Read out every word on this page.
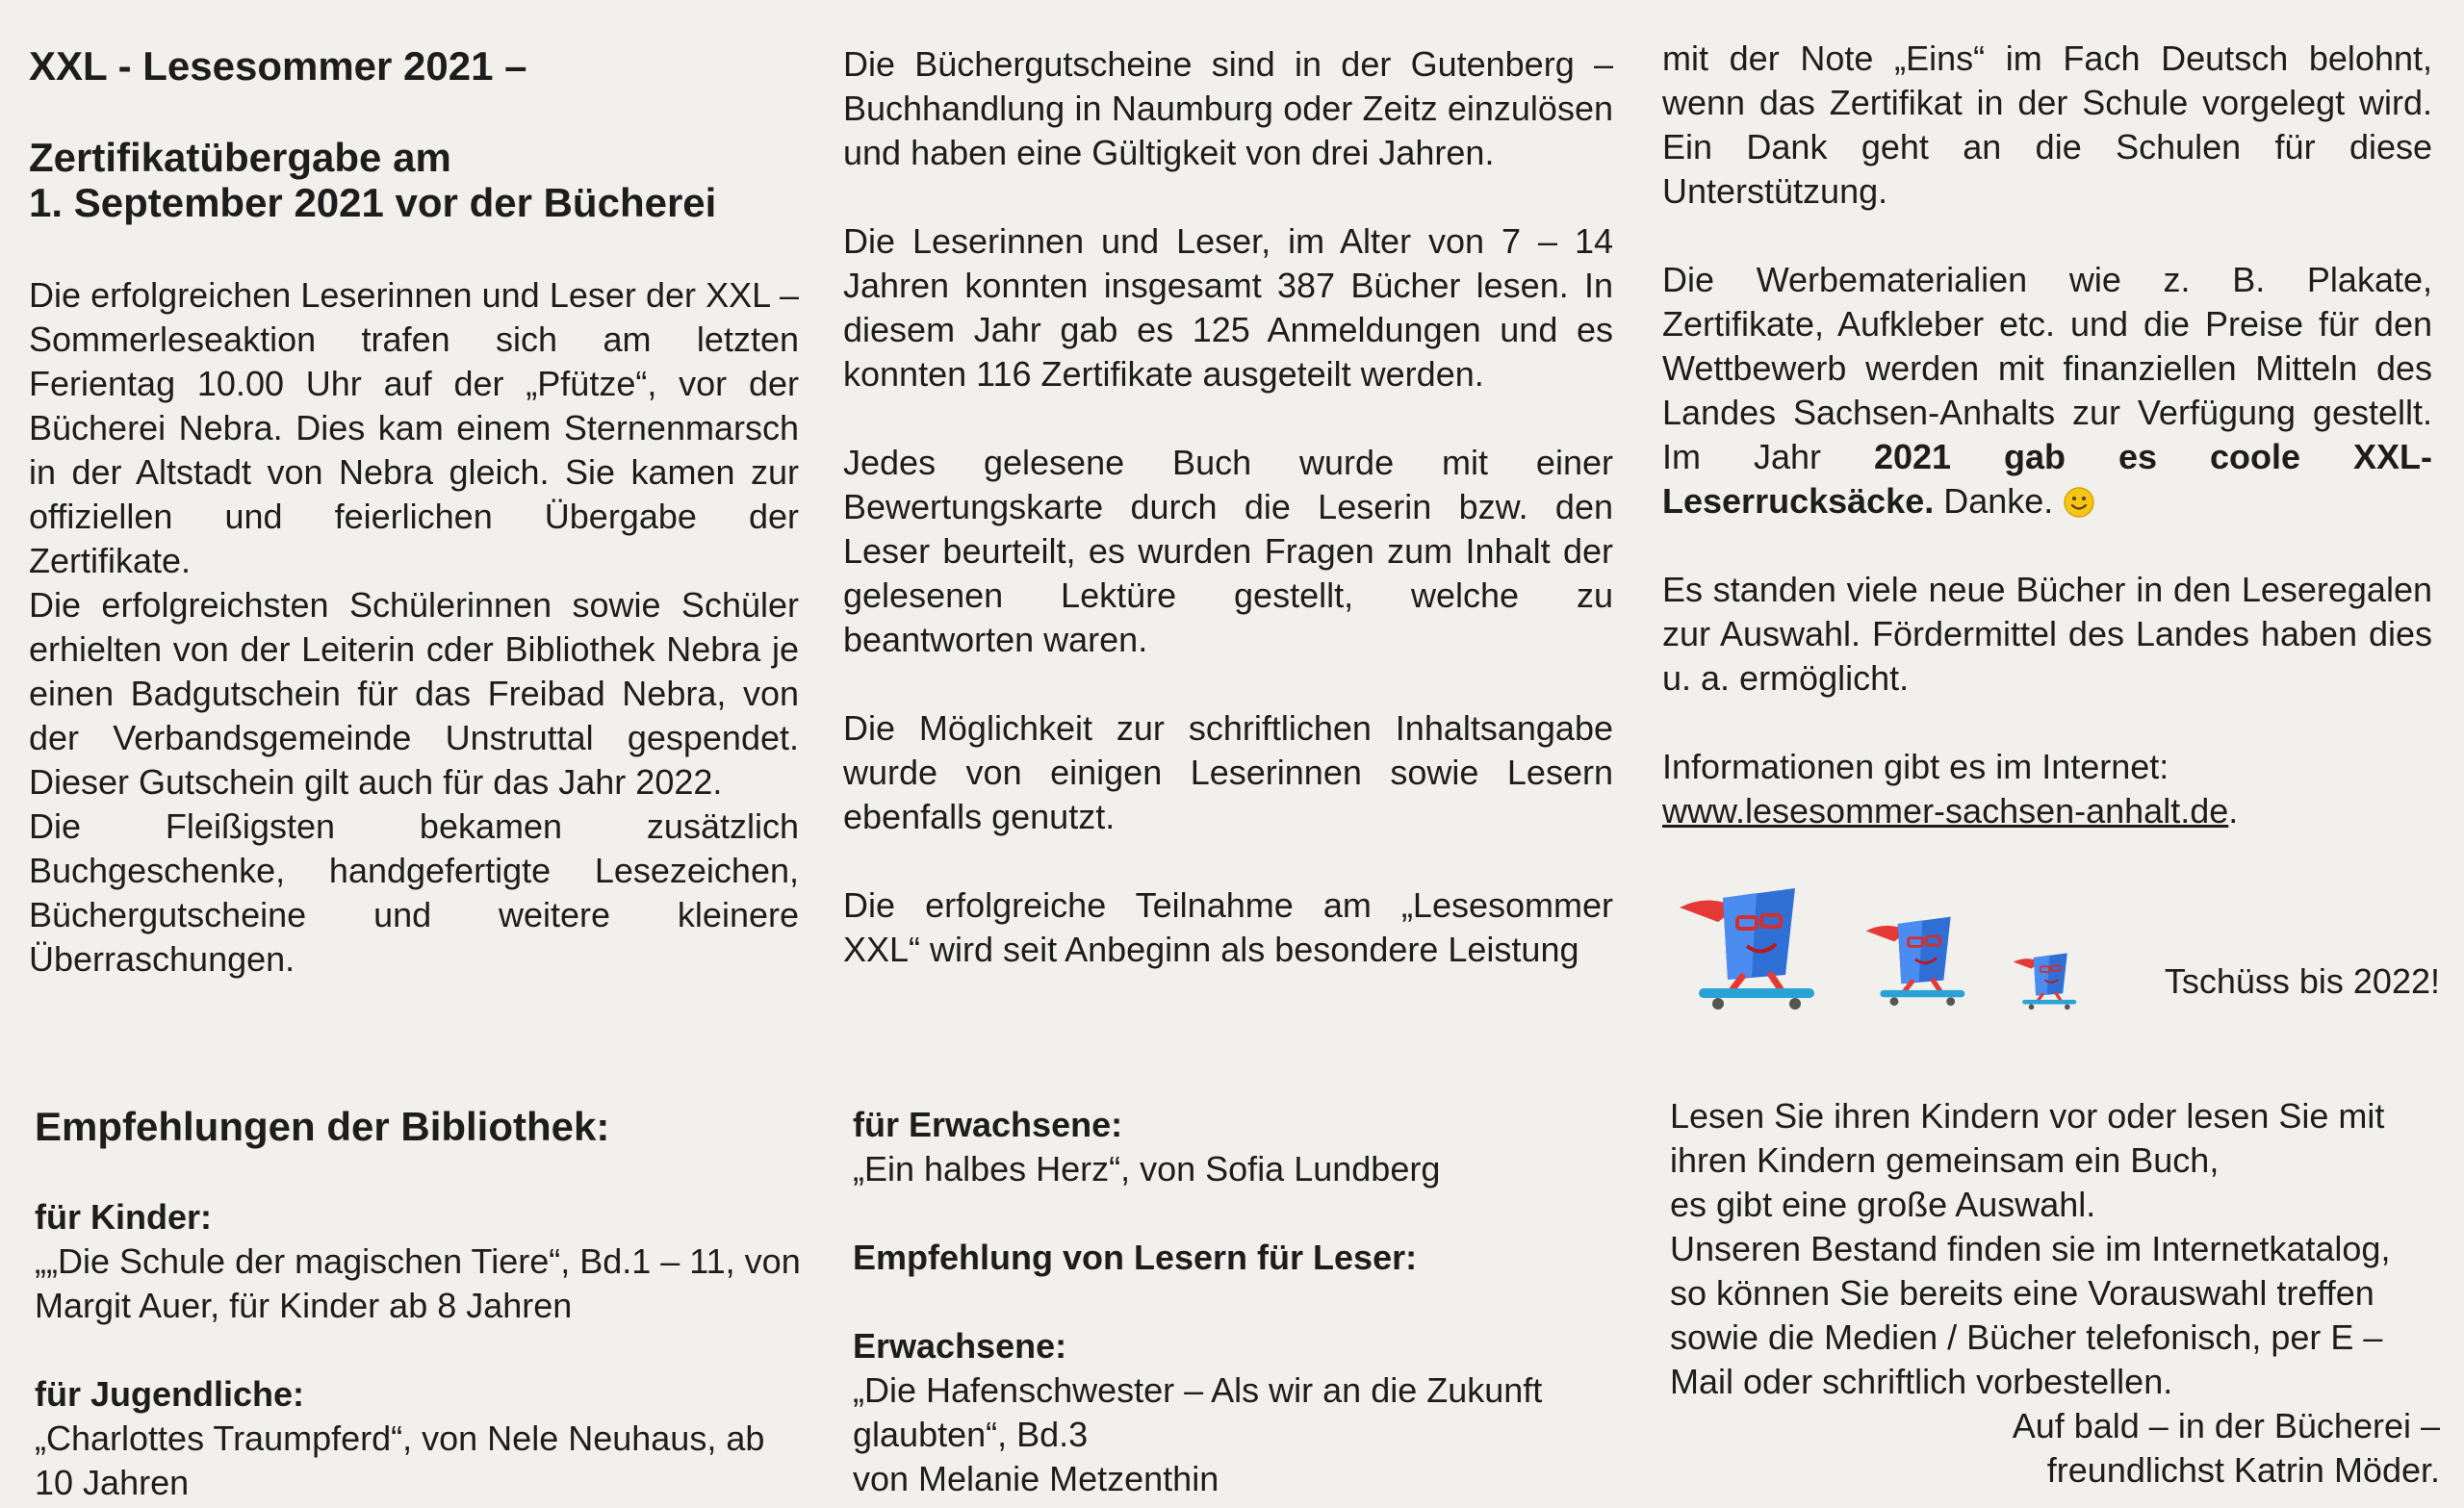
XXL - Lesesommer 2021 –
Zertifikatübergabe am
1. September 2021 vor der Bücherei

Die erfolgreichen Leserinnen und Leser der XXL – Sommerleseaktion trafen sich am letzten Ferientag 10.00 Uhr auf der „Pfütze“, vor der Bücherei Nebra. Dies kam einem Sternenmarsch in der Altstadt von Nebra gleich. Sie kamen zur offiziellen und feierlichen Übergabe der Zertifikate.

Die erfolgreichsten Schülerinnen sowie Schüler erhielten von der Leiterin cder Bibliothek Nebra je einen Badgutschein für das Freibad Nebra, von der Verbandsgemeinde Unstruttal gespendet. Dieser Gutschein gilt auch für das Jahr 2022.

Die Fleißigsten bekamen zusätzlich Buchgeschenke, handgefertigte Lesezeichen, Büchergutscheine und weitere kleinere Überraschungen.

Die Büchergutscheine sind in der Gutenberg – Buchhandlung in Naumburg oder Zeitz einzulösen und haben eine Gültigkeit von drei Jahren.

Die Leserinnen und Leser, im Alter von 7 – 14 Jahren konnten insgesamt 387 Bücher lesen. In diesem Jahr gab es 125 Anmeldungen und es konnten 116 Zertifikate ausgeteilt werden.

Jedes gelesene Buch wurde mit einer Bewertungskarte durch die Leserin bzw. den Leser beurteilt, es wurden Fragen zum Inhalt der gelesenen Lektüre gestellt, welche zu beantworten waren.

Die Möglichkeit zur schriftlichen Inhaltsangabe wurde von einigen Leserinnen sowie Lesern ebenfalls genutzt.

Die erfolgreiche Teilnahme am „Lesesommer XXL“ wird seit Anbeginn als besondere Leistung

mit der Note „Eins“ im Fach Deutsch belohnt, wenn das Zertifikat in der Schule vorgelegt wird. Ein Dank geht an die Schulen für diese Unterstützung.

Die Werbematerialien wie z. B. Plakate, Zertifikate, Aufkleber etc. und die Preise für den Wettbewerb werden mit finanziellen Mitteln des Landes Sachsen-Anhalts zur Verfügung gestellt. Im Jahr 2021 gab es coole XXL-Leserrucksäcke. Danke.

Es standen viele neue Bücher in den Leseregalen zur Auswahl. Fördermittel des Landes haben dies u. a. ermöglicht.

Informationen gibt es im Internet: www.lesesommer-sachsen-anhalt.de.

Tschüss bis 2022!
Empfehlungen der Bibliothek:

für Kinder:

„„Die Schule der magischen Tiere“, Bd.1 – 11, von Margit Auer, für Kinder ab 8 Jahren

für Jugendliche:

„Charlottes Traumpferd“, von Nele Neuhaus, ab 10 Jahren

für Erwachsene:

„Ein halbes Herz“, von Sofia Lundberg

Empfehlung von Lesern für Leser:

Erwachsene:

„Die Hafenschwester – Als wir an die Zukunft
glaubten“, Bd.3
von Melanie Metzenthin

Lesen Sie ihren Kindern vor oder lesen Sie mit
ihren Kindern gemeinsam ein Buch,
es gibt eine große Auswahl.
Unseren Bestand finden sie im Internetkatalog,
so können Sie bereits eine Vorauswahl treffen
sowie die Medien / Bücher telefonisch, per E –
Mail oder schriftlich vorbestellen.

Auf bald – in der Bücherei –
freundlichst Katrin Möder.
